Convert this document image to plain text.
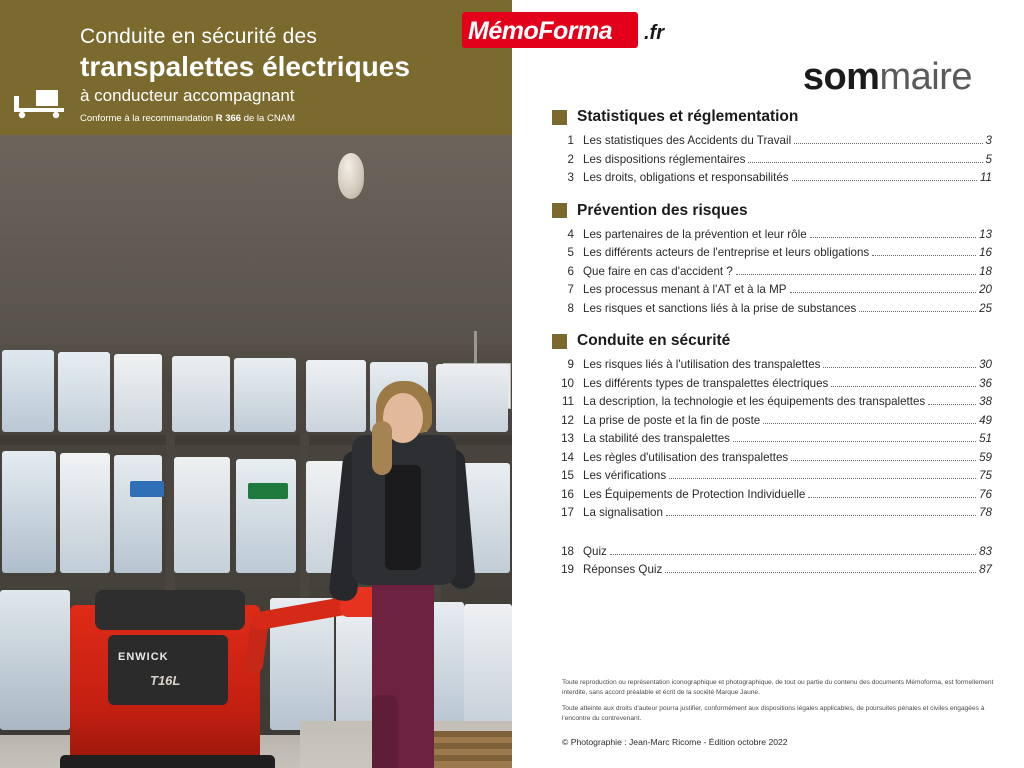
Conduite en sécurité des
transpalettes électriques
à conducteur accompagnant
Conforme à la recommandation R 366 de la CNAM
ENWICK
T16L
MémoForma .fr
sommaire
Statistiques et réglementation
1 Les statistiques des Accidents du Travail	3
2 Les dispositions réglementaires	5
3 Les droits, obligations et responsabilités	11
Prévention des risques
4 Les partenaires de la prévention et leur rôle	13
5 Les différents acteurs de l'entreprise et leurs obligations	16
6 Que faire en cas d'accident ?	18
7 Les processus menant à l'AT et à la MP	20
8 Les risques et sanctions liés à la prise de substances	25
Conduite en sécurité
9 Les risques liés à l'utilisation des transpalettes	30
10 Les différents types de transpalettes électriques	36
11 La description, la technologie et les équipements des transpalettes	38
12 La prise de poste et la fin de poste	49
13 La stabilité des transpalettes	51
14 Les règles d'utilisation des transpalettes	59
15 Les vérifications	75
16 Les Équipements de Protection Individuelle	76
17 La signalisation	78
18 Quiz	83
19 Réponses Quiz	87

Toute reproduction ou représentation iconographique et photographique, de tout ou partie du contenu des documents Mémoforma, est formellement interdite, sans accord préalable et écrit de la société Marque Jaune.

Toute atteinte aux droits d'auteur pourra justifier, conformément aux dispositions légales applicables, de poursuites pénales et civiles engagées à l'encontre du contrevenant.

© Photographie : Jean-Marc Ricome - Édition octobre 2022
